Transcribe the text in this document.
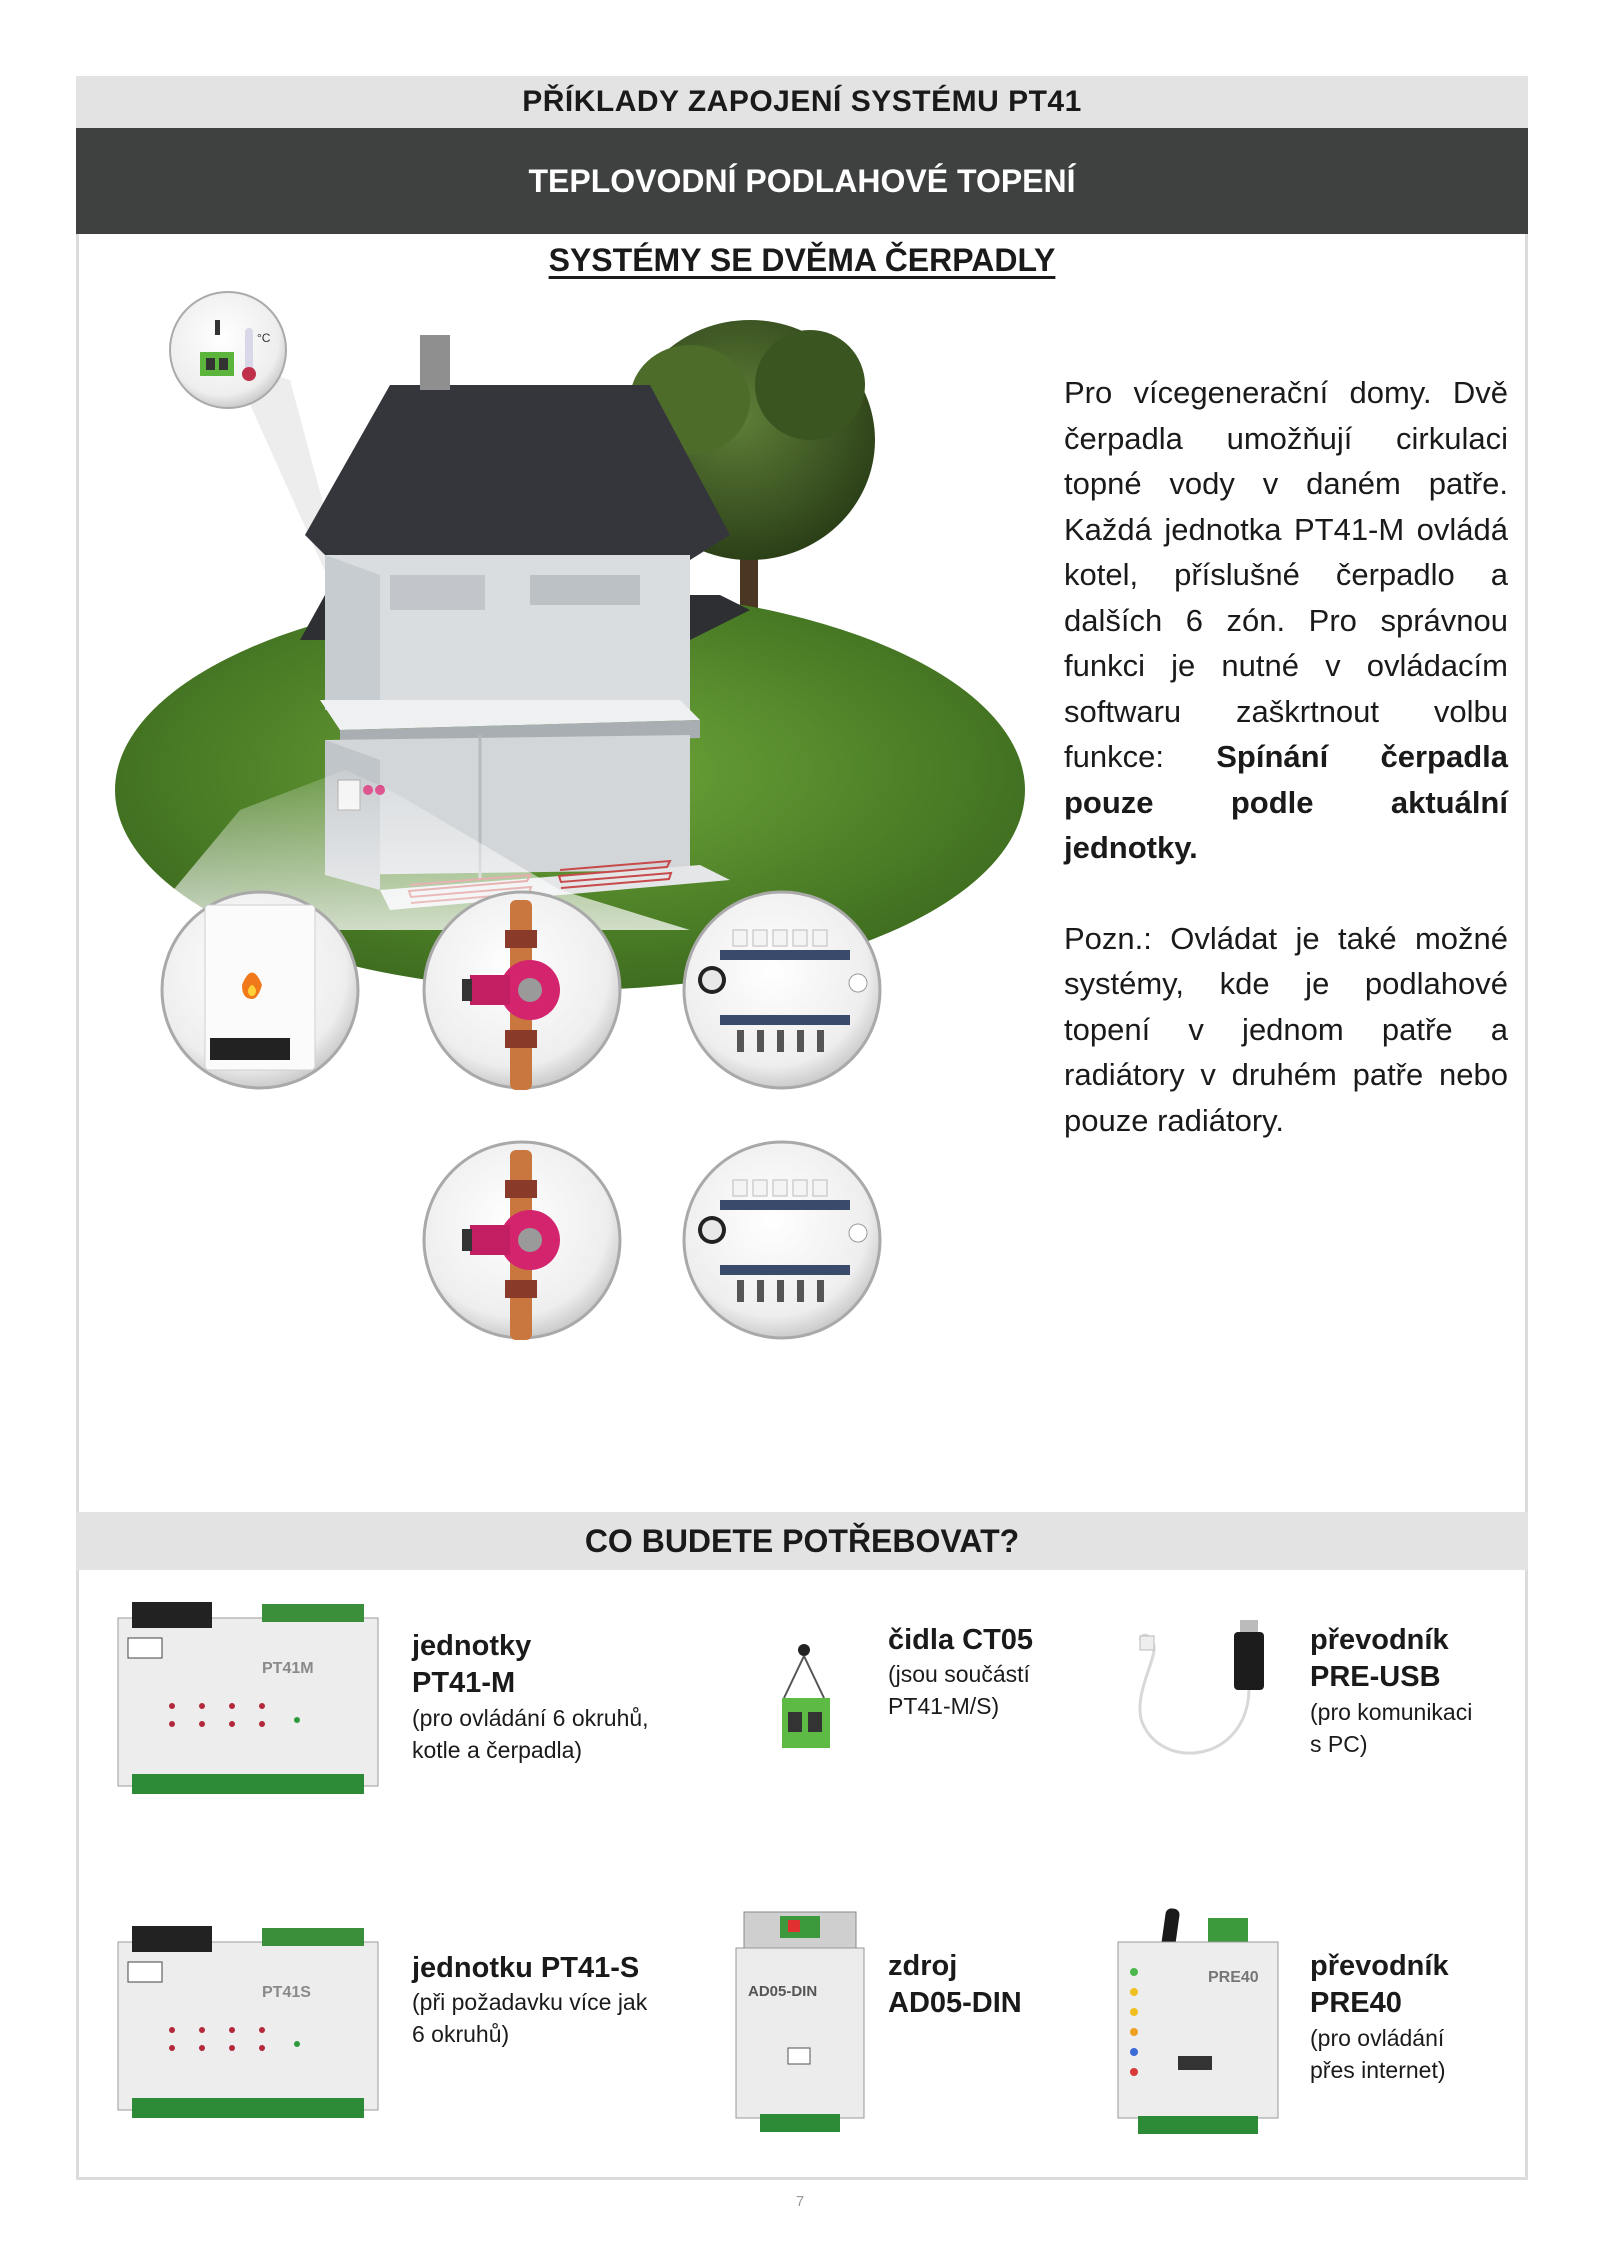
PŘÍKLADY ZAPOJENÍ SYSTÉMU PT41
TEPLOVODNÍ PODLAHOVÉ TOPENÍ
SYSTÉMY SE DVĚMA ČERPADLY
°C

Pro vícegenerační domy. Dvě čerpadla umožňují cirkulaci topné vody v daném patře. Každá jednotka PT41-M ovládá kotel, příslušné čerpadlo a dalších 6 zón. Pro správnou funkci je nutné v ovládacím softwaru zaškrtnout volbu funkce: Spínání čerpadla pouze podle aktuální jednotky.

Pozn.: Ovládat je také možné systémy, kde je podlahové topení v jednom patře a radiátory v druhém patře nebo pouze radiátory.

CO BUDETE POTŘEBOVAT?
PT41M
jednotky
PT41-M
(pro ovládání 6 okruhů,
kotle a čerpadla)
čidla CT05
(jsou součástí
PT41-M/S)
převodník
PRE-USB
(pro komunikaci
s PC)
PT41S
jednotku PT41-S
(při požadavku více jak
6 okruhů)
AD05-DIN
zdroj
AD05-DIN
PRE40 převodník
PRE40
(pro ovládání
přes internet)
7
